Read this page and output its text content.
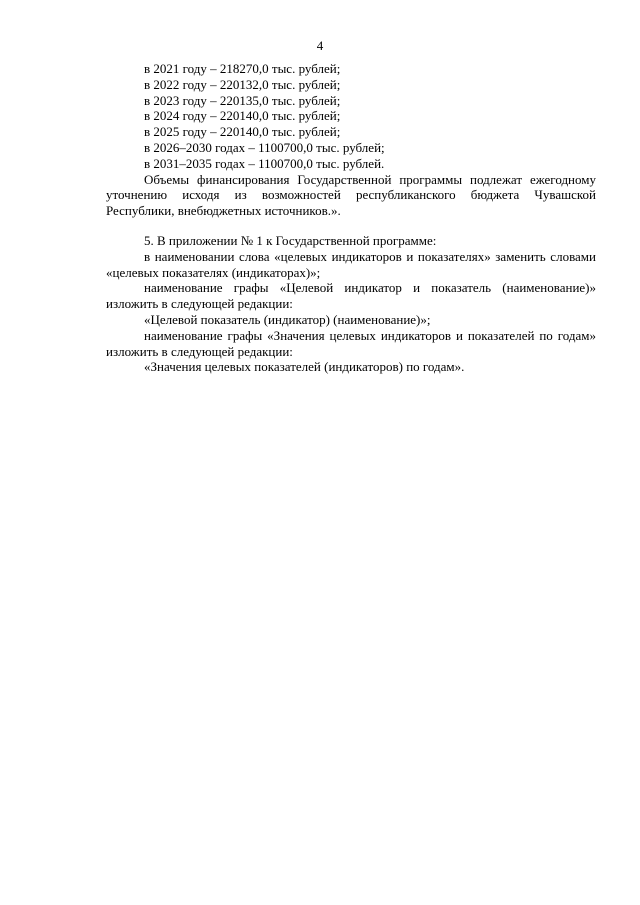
4

в 2021 году – 218270,0 тыс. рублей;

в 2022 году – 220132,0 тыс. рублей;

в 2023 году – 220135,0 тыс. рублей;

в 2024 году – 220140,0 тыс. рублей;

в 2025 году – 220140,0 тыс. рублей;

в 2026–2030 годах – 1100700,0 тыс. рублей;

в 2031–2035 годах – 1100700,0 тыс. рублей.

Объемы финансирования Государственной программы подлежат ежегодному уточнению исходя из возможностей республиканского бюджета Чувашской Республики, внебюджетных источников.».

5. В приложении № 1 к Государственной программе:

в наименовании слова «целевых индикаторов и показателях» заменить словами «целевых показателях (индикаторах)»;

наименование графы «Целевой индикатор и показатель (наименование)» изложить в следующей редакции:

«Целевой показатель (индикатор) (наименование)»;

наименование графы «Значения целевых индикаторов и показателей по годам» изложить в следующей редакции:

«Значения целевых показателей (индикаторов) по годам».
